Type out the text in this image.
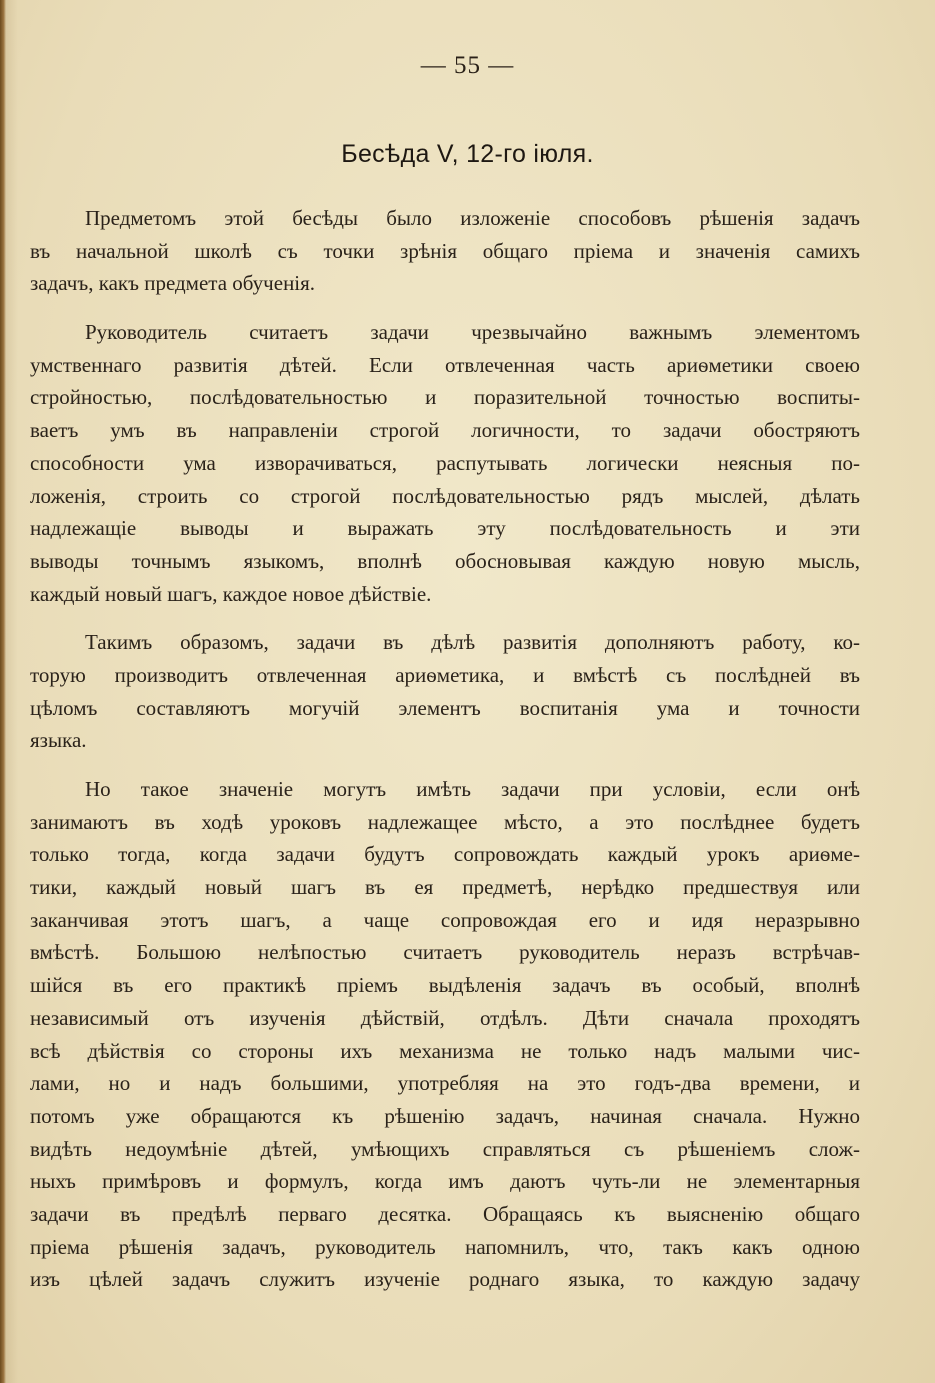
— 55 —
Бесѣда V, 12-го іюля.
Предметомъ этой бесѣды было изложеніе способовъ рѣшенія задачъ
въ начальной школѣ съ точки зрѣнія общаго пріема и значенія самихъ
задачъ, какъ предмета обученія.
Руководитель считаетъ задачи чрезвычайно важнымъ элементомъ
умственнаго развитія дѣтей. Если отвлеченная часть ариѳметики своею
стройностью, послѣдовательностью и поразительной точностью воспиты-
ваетъ умъ въ направленіи строгой логичности, то задачи обостряютъ
способности ума изворачиваться, распутывать логически неясныя по-
ложенія, строить со строгой послѣдовательностью рядъ мыслей, дѣлать
надлежащіе выводы и выражать эту послѣдовательность и эти
выводы точнымъ языкомъ, вполнѣ обосновывая каждую новую мысль,
каждый новый шагъ, каждое новое дѣйствіе.
Такимъ образомъ, задачи въ дѣлѣ развитія дополняютъ работу, ко-
торую производитъ отвлеченная ариѳметика, и вмѣстѣ съ послѣдней въ
цѣломъ составляютъ могучій элементъ воспитанія ума и точности
языка.
Но такое значеніе могутъ имѣть задачи при условіи, если онѣ
занимаютъ въ ходѣ уроковъ надлежащее мѣсто, а это послѣднее будетъ
только тогда, когда задачи будутъ сопровождать каждый урокъ ариѳме-
тики, каждый новый шагъ въ ея предметѣ, нерѣдко предшествуя или
заканчивая этотъ шагъ, а чаще сопровождая его и идя неразрывно
вмѣстѣ. Большою нелѣпостью считаетъ руководитель неразъ встрѣчав-
шійся въ его практикѣ пріемъ выдѣленія задачъ въ особый, вполнѣ
независимый отъ изученія дѣйствій, отдѣлъ. Дѣти сначала проходятъ
всѣ дѣйствія со стороны ихъ механизма не только надъ малыми чис-
лами, но и надъ большими, употребляя на это годъ-два времени, и
потомъ уже обращаются къ рѣшенію задачъ, начиная сначала. Нужно
видѣть недоумѣніе дѣтей, умѣющихъ справляться съ рѣшеніемъ слож-
ныхъ примѣровъ и формулъ, когда имъ даютъ чуть-ли не элементарныя
задачи въ предѣлѣ перваго десятка. Обращаясь къ выясненію общаго
пріема рѣшенія задачъ, руководитель напомнилъ, что, такъ какъ одною
изъ цѣлей задачъ служитъ изученіе роднаго языка, то каждую задачу
